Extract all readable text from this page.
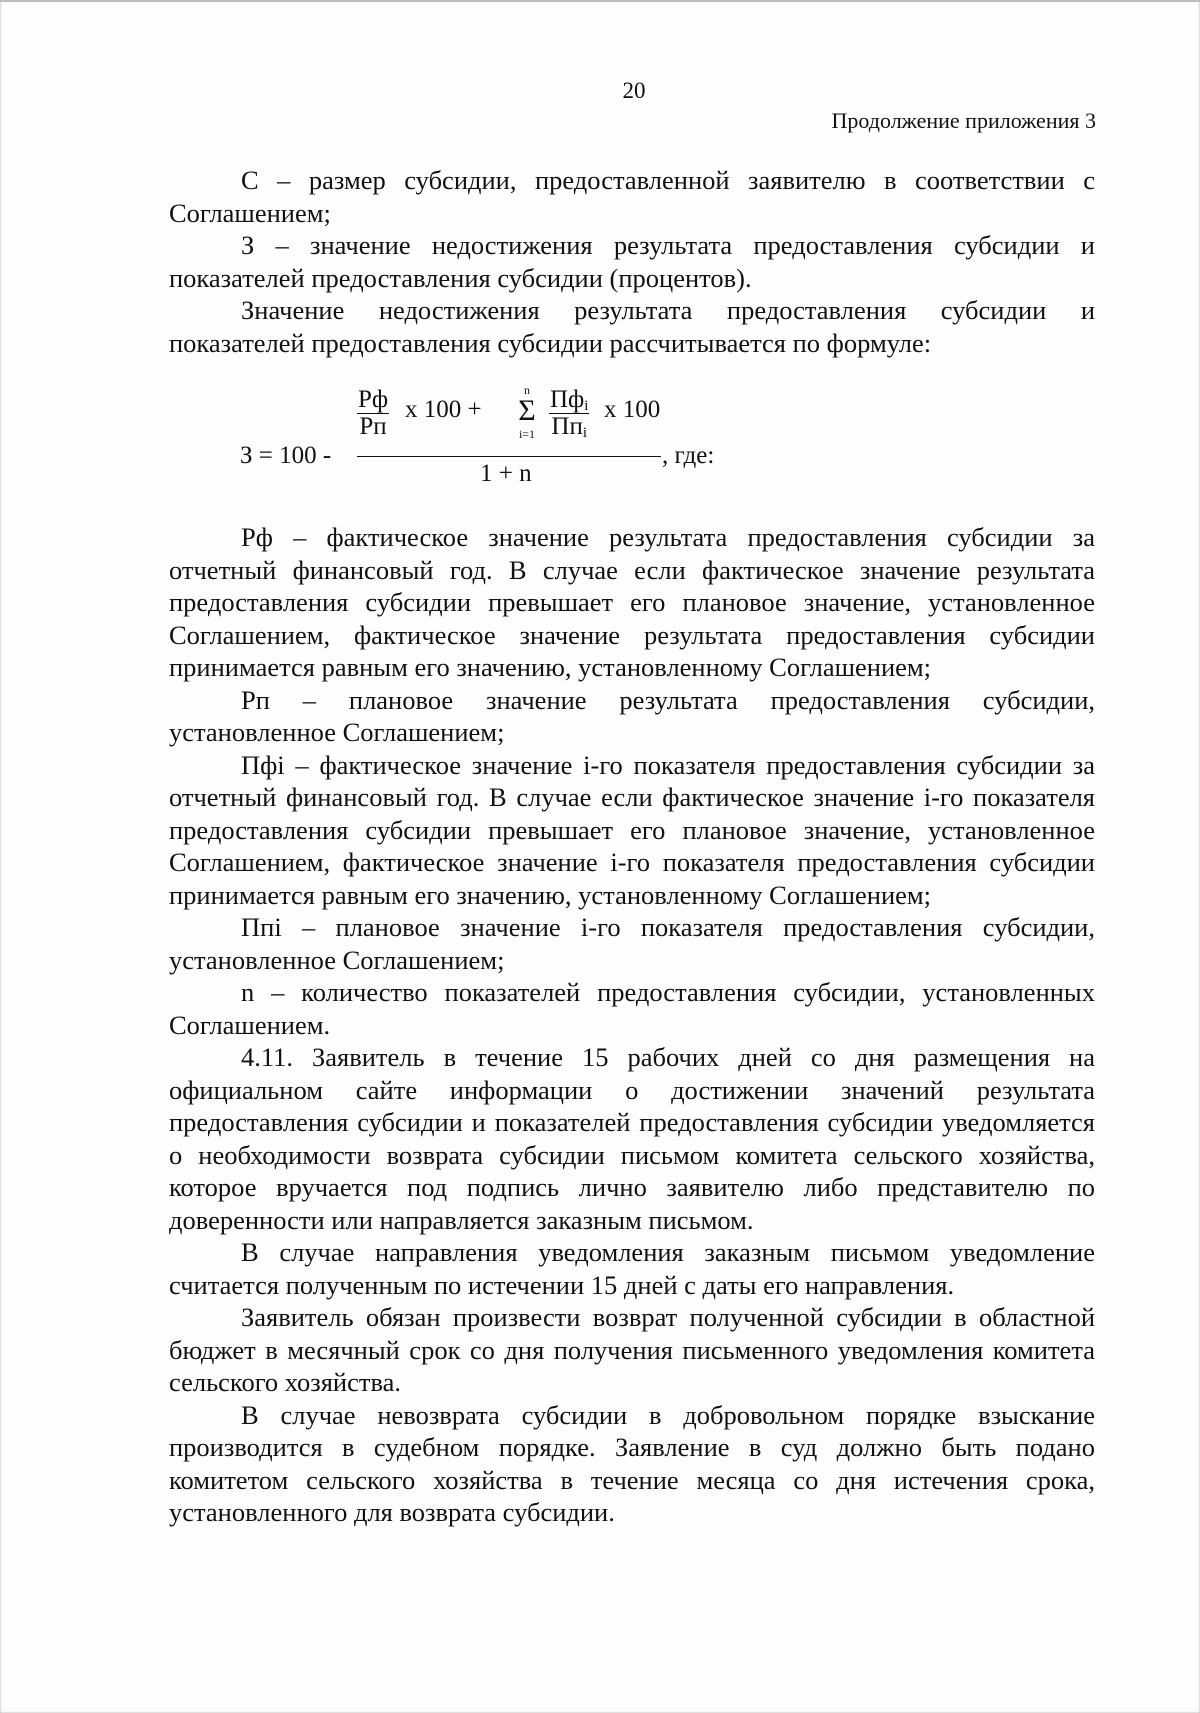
20
Продолжение приложения 3

С – размер субсидии, предоставленной заявителю в соответствии с Соглашением;

З – значение недостижения результата предоставления субсидии и показателей предоставления субсидии (процентов).

Значение недостижения результата предоставления субсидии и показателей предоставления субсидии рассчитывается по формуле:

З = 100 -
Рф
Рп
x 100 +
n
Σ
i=1
$Пф_i$
$Пп_i$
x 100
, где:
1 + n

Рф – фактическое значение результата предоставления субсидии за отчетный финансовый год. В случае если фактическое значение результата предоставления субсидии превышает его плановое значение, установленное Соглашением, фактическое значение результата предоставления субсидии принимается равным его значению, установленному Соглашением;

Рп – плановое значение результата предоставления субсидии, установленное Соглашением;

Пфi – фактическое значение i-го показателя предоставления субсидии за отчетный финансовый год. В случае если фактическое значение i-го показателя предоставления субсидии превышает его плановое значение, установленное Соглашением, фактическое значение i-го показателя предоставления субсидии принимается равным его значению, установленному Соглашением;

Ппi – плановое значение i-го показателя предоставления субсидии, установленное Соглашением;

n – количество показателей предоставления субсидии, установленных Соглашением.

4.11. Заявитель в течение 15 рабочих дней со дня размещения на официальном сайте информации о достижении значений результата предоставления субсидии и показателей предоставления субсидии уведомляется о необходимости возврата субсидии письмом комитета сельского хозяйства, которое вручается под подпись лично заявителю либо представителю по доверенности или направляется заказным письмом.

В случае направления уведомления заказным письмом уведомление считается полученным по истечении 15 дней с даты его направления.

Заявитель обязан произвести возврат полученной субсидии в областной бюджет в месячный срок со дня получения письменного уведомления комитета сельского хозяйства.

В случае невозврата субсидии в добровольном порядке взыскание производится в судебном порядке. Заявление в суд должно быть подано комитетом сельского хозяйства в течение месяца со дня истечения срока, установленного для возврата субсидии.
